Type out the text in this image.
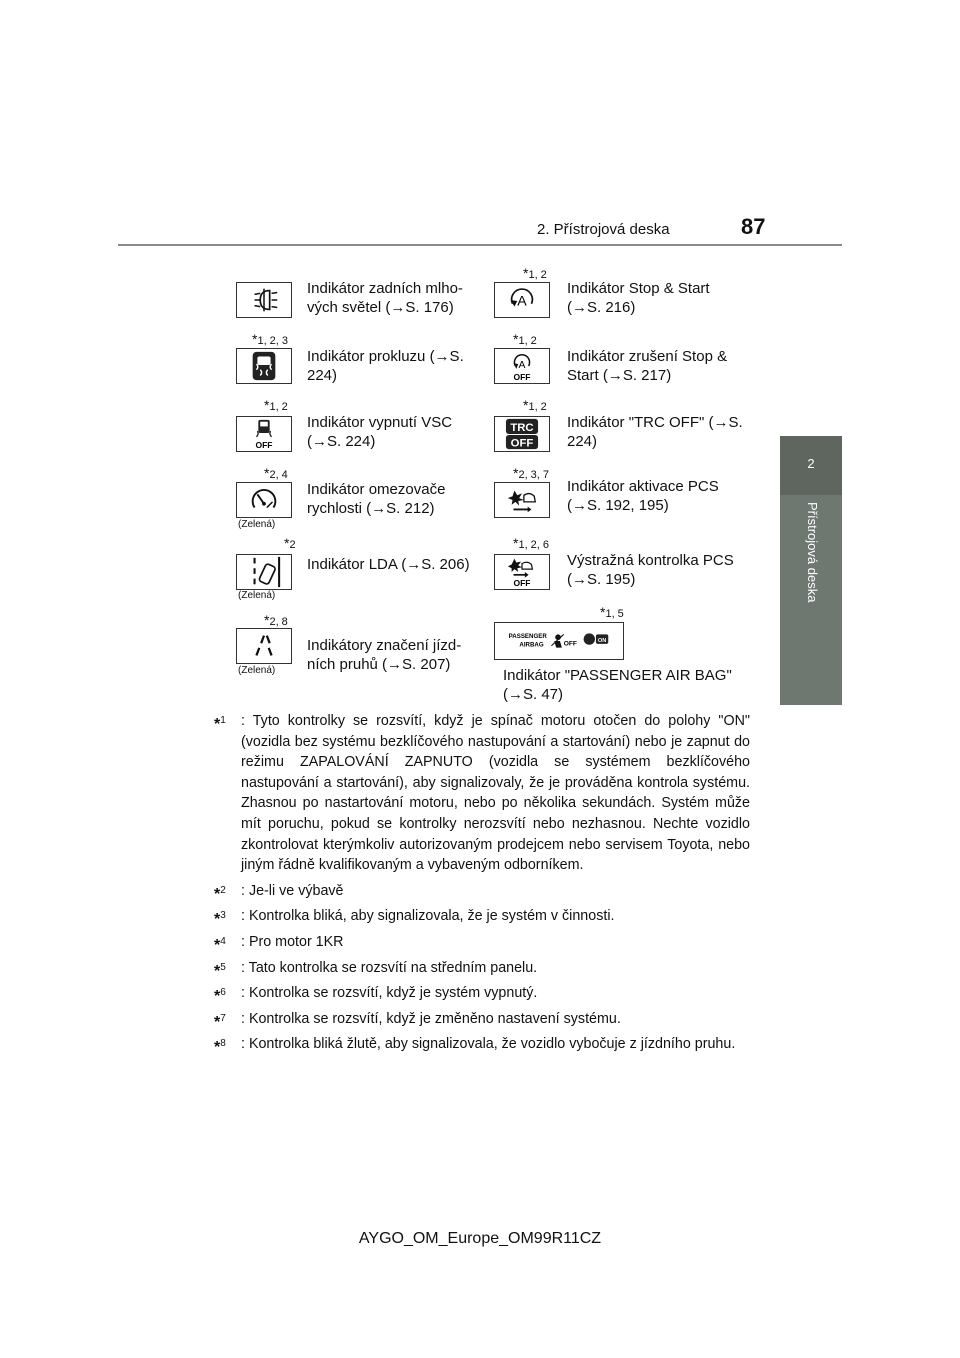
2. Přístrojová deska	87
2
Přístrojová deska
Indikátor zadních mlho-vých světel (→S. 176)
*1, 2
A
Indikátor Stop & Start (→S. 216)
*1, 2, 3
Indikátor prokluzu (→S. 224)
*1, 2
A
OFF
Indikátor zrušení Stop & Start (→S. 217)
*1, 2
OFF
Indikátor vypnutí VSC (→S. 224)
*1, 2
TRC
OFF
Indikátor "TRC OFF" (→S. 224)
*2, 4
(Zelená)
Indikátor omezovače rychlosti (→S. 212)
*2, 3, 7
Indikátor aktivace PCS (→S. 192, 195)
*2
(Zelená)
Indikátor LDA (→S. 206)
*1, 2, 6
OFF
Výstražná kontrolka PCS (→S. 195)
*2, 8
(Zelená)
Indikátory značení jízd-ních pruhů (→S. 207)
*1, 5
PASSENGER
AIRBAG	OFF	ON
Indikátor "PASSENGER AIR BAG" (→S. 47)
*$^1$ : Tyto kontrolky se rozsvítí, když je spínač motoru otočen do polohy "ON" (vozidla bez systému bezklíčového nastupování a startování) nebo je zapnut do režimu ZAPALOVÁNÍ ZAPNUTO (vozidla se systémem bezklíčového nastupování a startování), aby signalizovaly, že je prováděna kontrola systému. Zhasnou po nastartování motoru, nebo po několika sekundách. Systém může mít poruchu, pokud se kontrolky nerozsvítí nebo nezhasnou. Nechte vozidlo zkontrolovat kterýmkoliv autorizovaným prodejcem nebo servisem Toyota, nebo jiným řádně kvalifikovaným a vybaveným odborníkem.
*$^2$ : Je-li ve výbavě
*$^3$ : Kontrolka bliká, aby signalizovala, že je systém v činnosti.
*$^4$ : Pro motor 1KR
*$^5$ : Tato kontrolka se rozsvítí na středním panelu.
*$^6$ : Kontrolka se rozsvítí, když je systém vypnutý.
*$^7$ : Kontrolka se rozsvítí, když je změněno nastavení systému.
*$^8$ : Kontrolka bliká žlutě, aby signalizovala, že vozidlo vybočuje z jízdního pruhu.
AYGO_OM_Europe_OM99R11CZ
